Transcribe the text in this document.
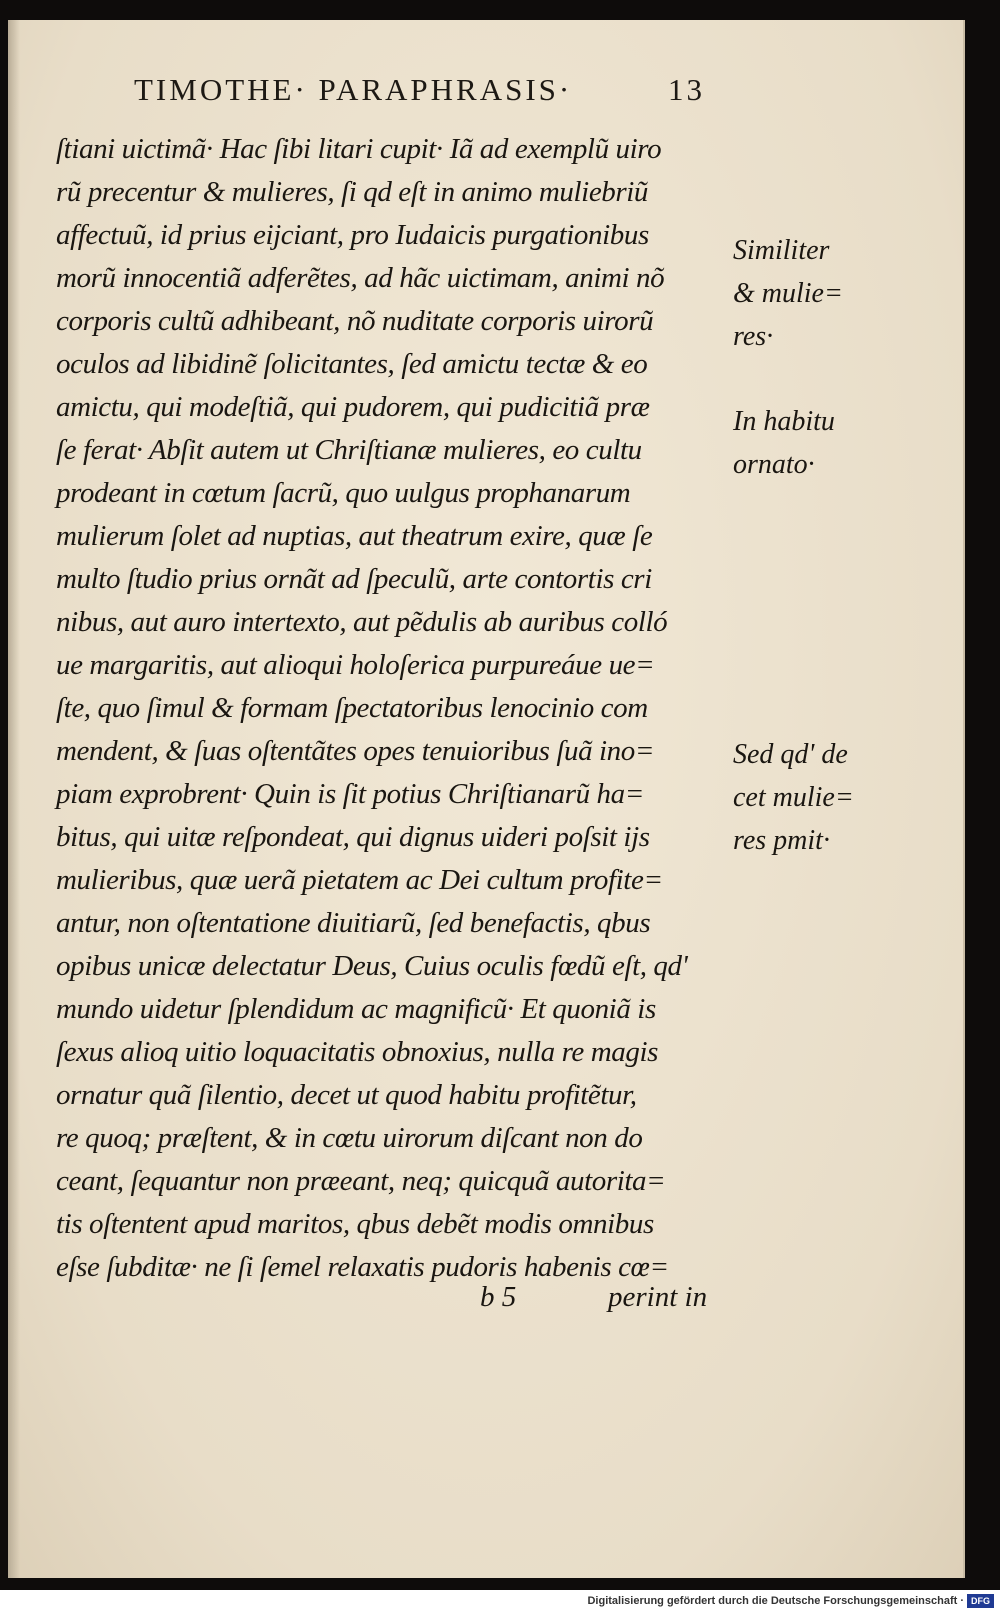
TIMOTHE· PARAPHRASIS·	13
ſtiani uictimã· Hac ſibi litari cupit· Iã ad exemplũ uiro
rũ precentur & mulieres, ſi qd eſt in animo muliebriũ
affectuũ, id prius eijciant, pro Iudaicis purgationibus
morũ innocentiã adferẽtes, ad hãc uictimam, animi nõ
corporis cultũ adhibeant, nõ nuditate corporis uirorũ
oculos ad libidinẽ ſolicitantes, ſed amictu tectæ & eo
amictu, qui modeſtiã, qui pudorem, qui pudicitiã præ
ſe ferat· Abſit autem ut Chriſtianæ mulieres, eo cultu
prodeant in cœtum ſacrũ, quo uulgus prophanarum
mulierum ſolet ad nuptias, aut theatrum exire, quæ ſe
multo ſtudio prius ornãt ad ſpeculũ, arte contortis cri
nibus, aut auro intertexto, aut pẽdulis ab auribus colló
ue margaritis, aut alioqui holoſerica purpureáue ue=
ſte, quo ſimul & formam ſpectatoribus lenocinio com
mendent, & ſuas oſtentãtes opes tenuioribus ſuã ino=
piam exprobrent· Quin is ſit potius Chriſtianarũ ha=
bitus, qui uitæ reſpondeat, qui dignus uideri poſsit ijs
mulieribus, quæ uerã pietatem ac Dei cultum profite=
antur, non oſtentatione diuitiarũ, ſed benefactis, qbus
opibus unicæ delectatur Deus, Cuius oculis fœdũ eſt, qd'
mundo uidetur ſplendidum ac magnificũ· Et quoniã is
ſexus alioq uitio loquacitatis obnoxius, nulla re magis
ornatur quã ſilentio, decet ut quod habitu profitẽtur,
re quoq; præſtent, & in cœtu uirorum diſcant non do
ceant, ſequantur non præeant, neq; quicquã autorita=
tis oſtentent apud maritos, qbus debẽt modis omnibus
eſse ſubditæ· ne ſi ſemel relaxatis pudoris habenis cœ=
b 5	perint in
Similiter
& mulie=
res·
In habitu
ornato·
Sed qd' de
cet mulie=
res pmit·
Digitalisierung gefördert durch die Deutsche Forschungsgemeinschaft · DFG
